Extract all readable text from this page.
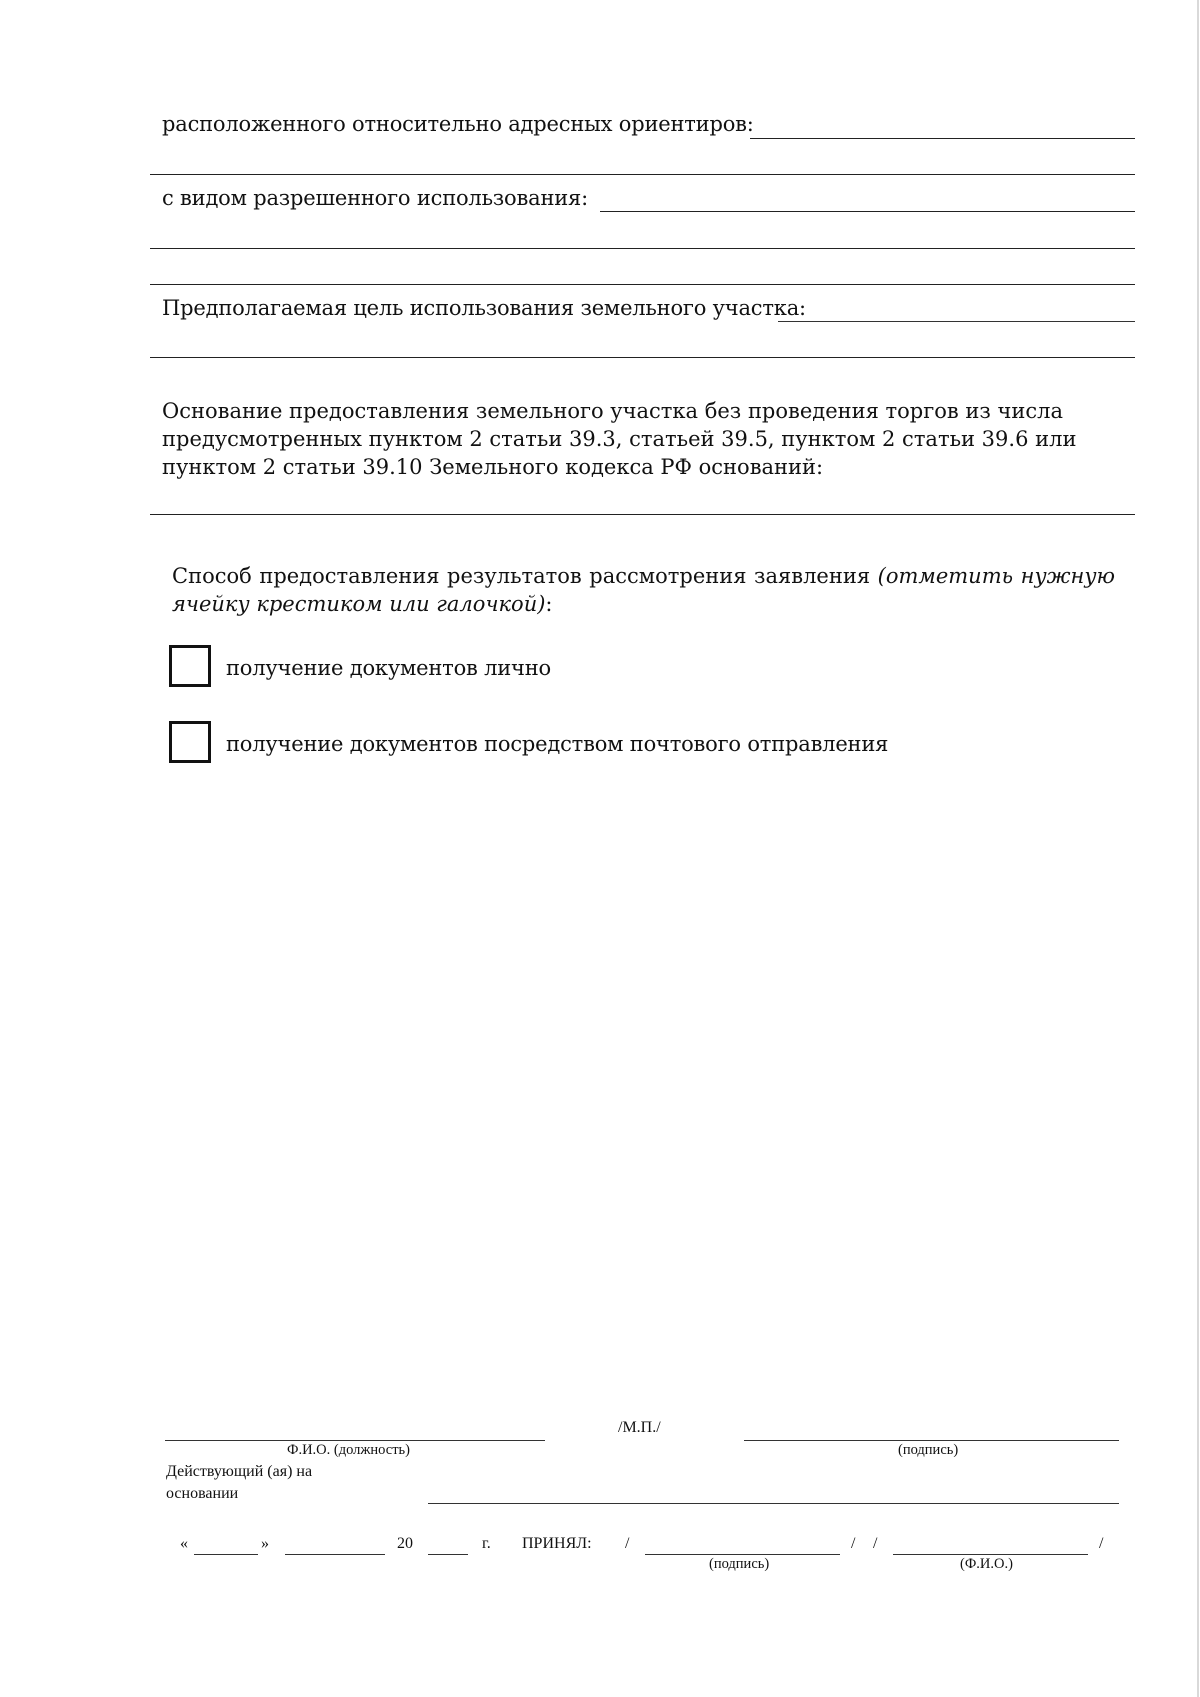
расположенного относительно адресных ориентиров:
с видом разрешенного использования:
Предполагаемая цель использования земельного участка:
Основание предоставления земельного участка без проведения торгов из числа предусмотренных пунктом 2 статьи 39.3, статьей 39.5, пунктом 2 статьи 39.6 или пунктом 2 статьи 39.10 Земельного кодекса РФ оснований:
Способ предоставления результатов рассмотрения заявления (отметить нужную ячейку крестиком или галочкой):
получение документов лично
получение документов посредством почтового отправления
/М.П./
Ф.И.О. (должность)	(подпись)
Действующий (ая) на
основании
«	»	20	г. ПРИНЯЛ: /	/ /	/
(подпись)	(Ф.И.О.)
